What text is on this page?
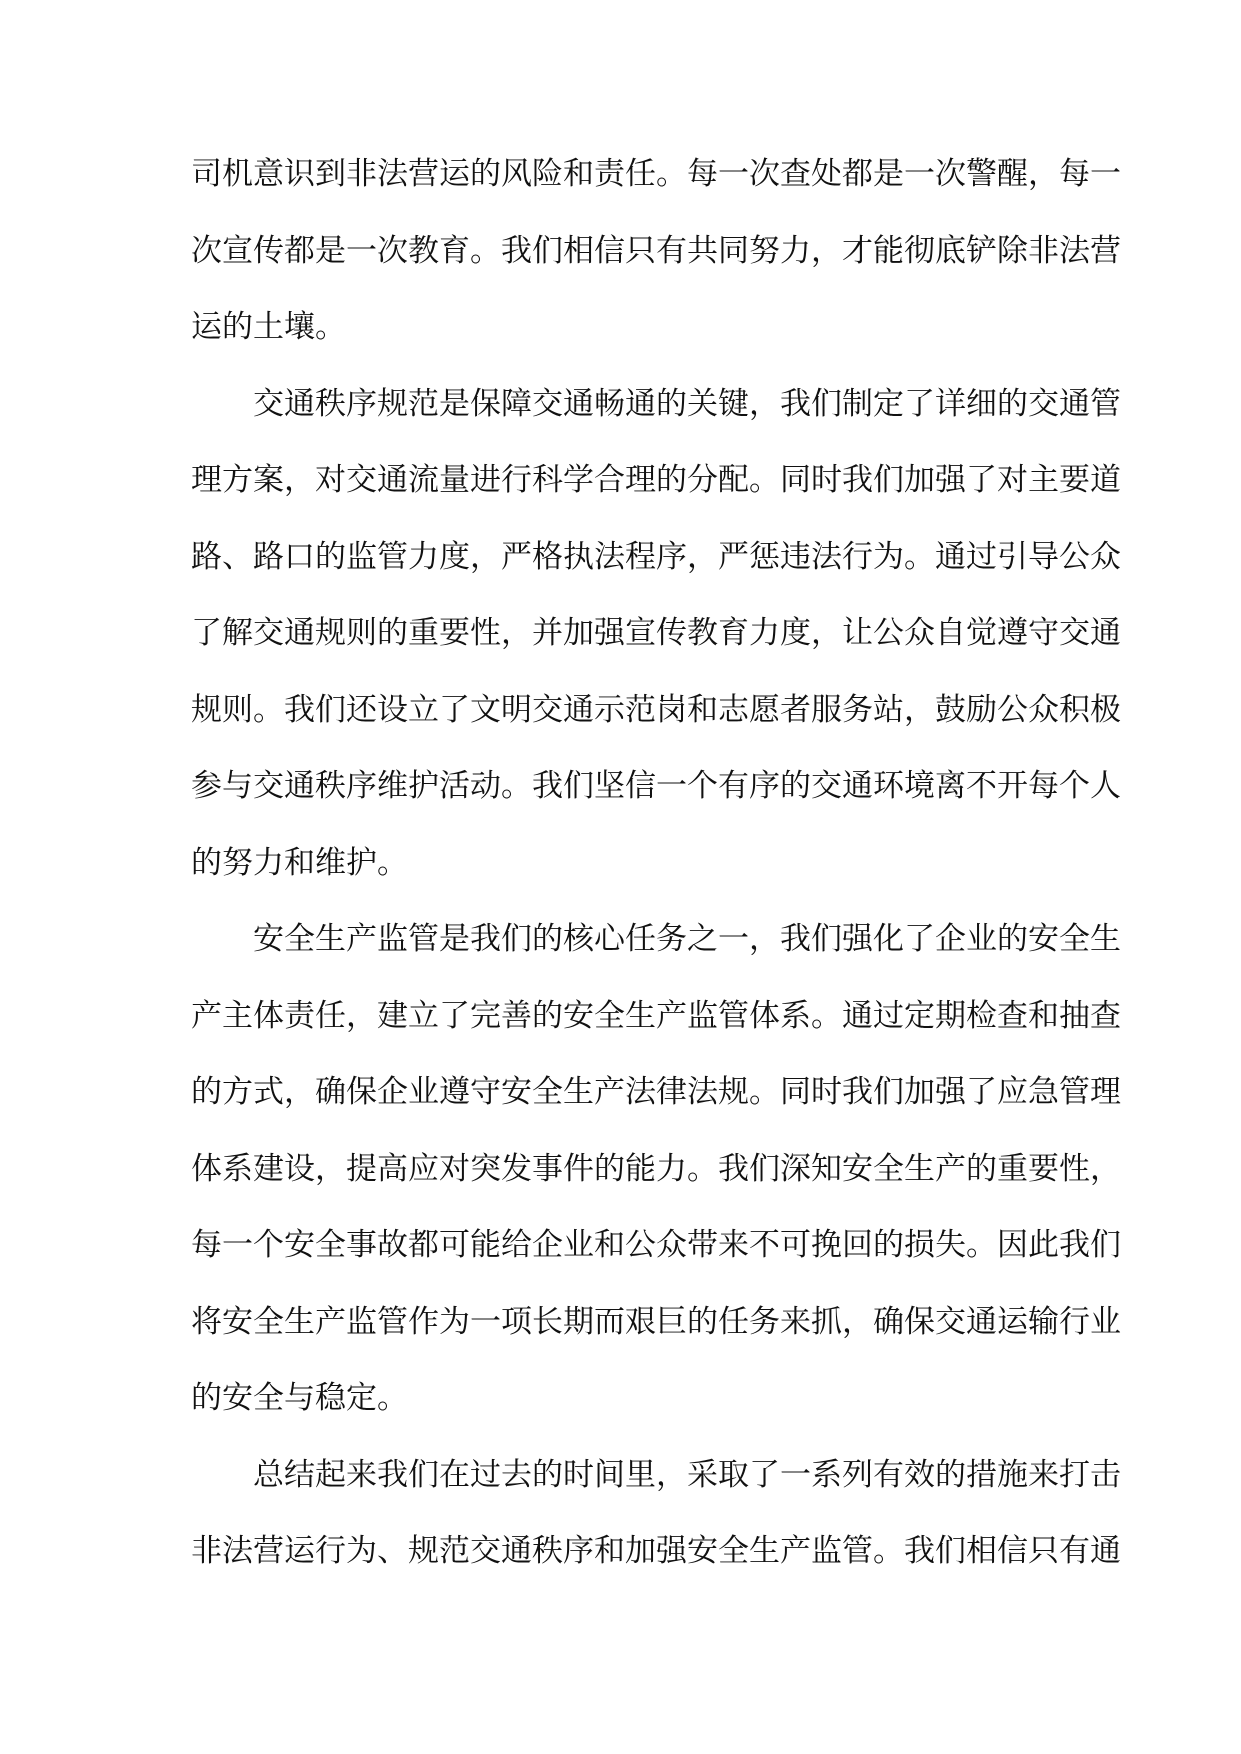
司机意识到非法营运的风险和责任。每一次查处都是一次警醒，每一
次宣传都是一次教育。我们相信只有共同努力，才能彻底铲除非法营
运的土壤。
交通秩序规范是保障交通畅通的关键，我们制定了详细的交通管
理方案，对交通流量进行科学合理的分配。同时我们加强了对主要道
路、路口的监管力度，严格执法程序，严惩违法行为。通过引导公众
了解交通规则的重要性，并加强宣传教育力度，让公众自觉遵守交通
规则。我们还设立了文明交通示范岗和志愿者服务站，鼓励公众积极
参与交通秩序维护活动。我们坚信一个有序的交通环境离不开每个人
的努力和维护。
安全生产监管是我们的核心任务之一，我们强化了企业的安全生
产主体责任，建立了完善的安全生产监管体系。通过定期检查和抽查
的方式，确保企业遵守安全生产法律法规。同时我们加强了应急管理
体系建设，提高应对突发事件的能力。我们深知安全生产的重要性，
每一个安全事故都可能给企业和公众带来不可挽回的损失。因此我们
将安全生产监管作为一项长期而艰巨的任务来抓，确保交通运输行业
的安全与稳定。
总结起来我们在过去的时间里，采取了一系列有效的措施来打击
非法营运行为、规范交通秩序和加强安全生产监管。我们相信只有通
